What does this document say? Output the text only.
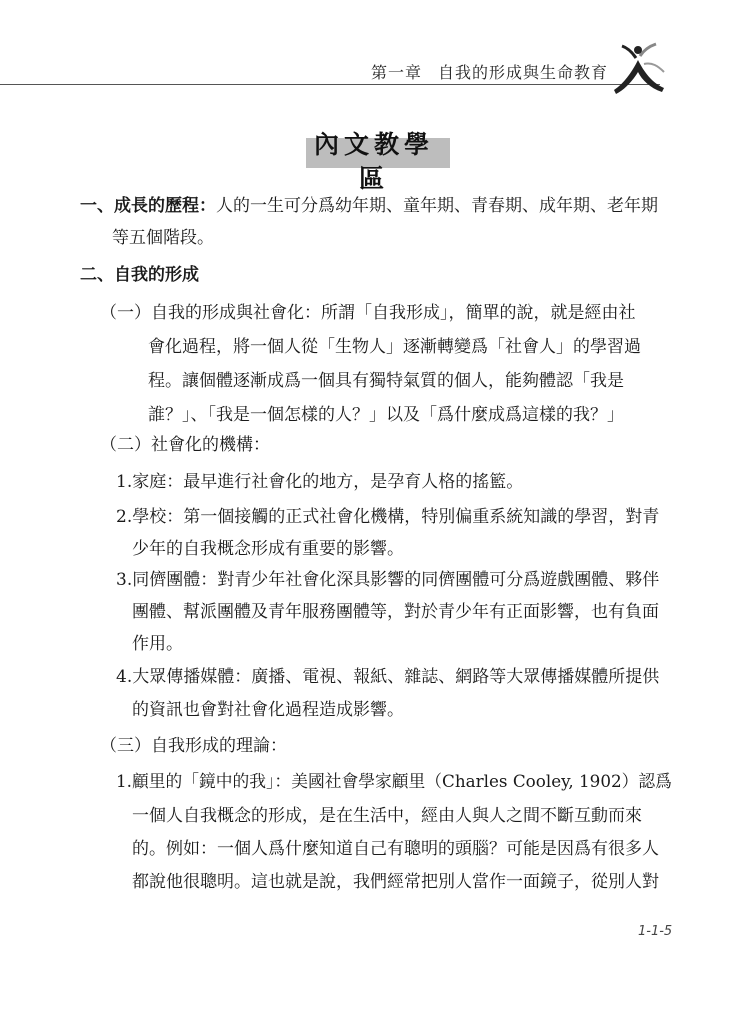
第一章 自我的形成與生命教育
內文教學區
一、成長的歷程：人的一生可分爲幼年期、童年期、青春期、成年期、老年期
等五個階段。
二、自我的形成
（一）自我的形成與社會化：所謂「自我形成」，簡單的說，就是經由社
會化過程，將一個人從「生物人」逐漸轉變爲「社會人」的學習過
程。讓個體逐漸成爲一個具有獨特氣質的個人，能夠體認「我是
誰？」、「我是一個怎樣的人？」以及「爲什麼成爲這樣的我？」
（二）社會化的機構：
1.家庭：最早進行社會化的地方，是孕育人格的搖籃。
2.學校：第一個接觸的正式社會化機構，特別偏重系統知識的學習，對青
少年的自我概念形成有重要的影響。
3.同儕團體：對青少年社會化深具影響的同儕團體可分爲遊戲團體、夥伴
團體、幫派團體及青年服務團體等，對於青少年有正面影響，也有負面
作用。
4.大眾傳播媒體：廣播、電視、報紙、雜誌、網路等大眾傳播媒體所提供
的資訊也會對社會化過程造成影響。
（三）自我形成的理論：
1.顧里的「鏡中的我」：美國社會學家顧里（Charles Cooley, 1902）認爲
一個人自我概念的形成，是在生活中，經由人與人之間不斷互動而來
的。例如：一個人爲什麼知道自己有聰明的頭腦？可能是因爲有很多人
都說他很聰明。這也就是說，我們經常把別人當作一面鏡子，從別人對
1-1-5
